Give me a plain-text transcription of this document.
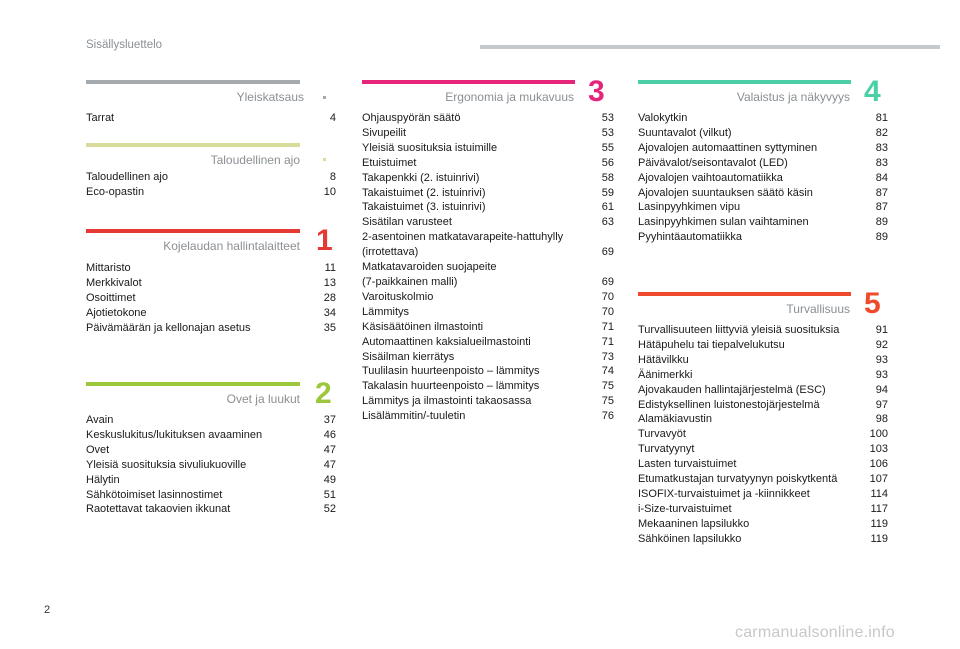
Sisällysluettelo
Yleiskatsaus
Tarrat	4
Taloudellinen ajo
Taloudellinen ajo	8
Eco-opastin	10
Kojelaudan hallintalaitteet 1
Mittaristo	11
Merkkivalot	13
Osoittimet	28
Ajotietokone	34
Päivämäärän ja kellonajan asetus	35
Ovet ja luukut 2
Avain	37
Keskuslukitus/lukituksen avaaminen	46
Ovet	47
Yleisiä suosituksia sivuliukuoville	47
Hälytin	49
Sähkötoimiset lasinnostimet	51
Raotettavat takaovien ikkunat	52
Ergonomia ja mukavuus 3
Ohjauspyörän säätö	53
Sivupeilit	53
Yleisiä suosituksia istuimille	55
Etuistuimet	56
Takapenkki (2. istuinrivi)	58
Takaistuimet (2. istuinrivi)	59
Takaistuimet (3. istuinrivi)	61
Sisätilan varusteet	63
2-asentoinen matkatavarapeite-hattuhylly
(irrotettava)	69
Matkatavaroiden suojapeite
(7-paikkainen malli)	69
Varoituskolmio	70
Lämmitys	70
Käsisäätöinen ilmastointi	71
Automaattinen kaksialueilmastointi	71
Sisäilman kierrätys	73
Tuulilasin huurteenpoisto – lämmitys	74
Takalasin huurteenpoisto – lämmitys	75
Lämmitys ja ilmastointi takaosassa	75
Lisälämmitin/-tuuletin	76
Valaistus ja näkyvyys 4
Valokytkin	81
Suuntavalot (vilkut)	82
Ajovalojen automaattinen syttyminen	83
Päivävalot/seisontavalot (LED)	83
Ajovalojen vaihtoautomatiikka	84
Ajovalojen suuntauksen säätö käsin	87
Lasinpyyhkimen vipu	87
Lasinpyyhkimen sulan vaihtaminen	89
Pyyhintäautomatiikka	89
Turvallisuus 5
Turvallisuuteen liittyviä yleisiä suosituksia	91
Hätäpuhelu tai tiepalvelukutsu	92
Hätävilkku	93
Äänimerkki	93
Ajovakauden hallintajärjestelmä (ESC)	94
Edistyksellinen luistonestojärjestelmä	97
Alamäkiavustin	98
Turvavyöt	100
Turvatyynyt	103
Lasten turvaistuimet	106
Etumatkustajan turvatyynyn poiskytkentä	107
ISOFIX-turvaistuimet ja -kiinnikkeet	114
i-Size-turvaistuimet	117
Mekaaninen lapsilukko	119
Sähköinen lapsilukko	119
2
carmanualsonline.info
